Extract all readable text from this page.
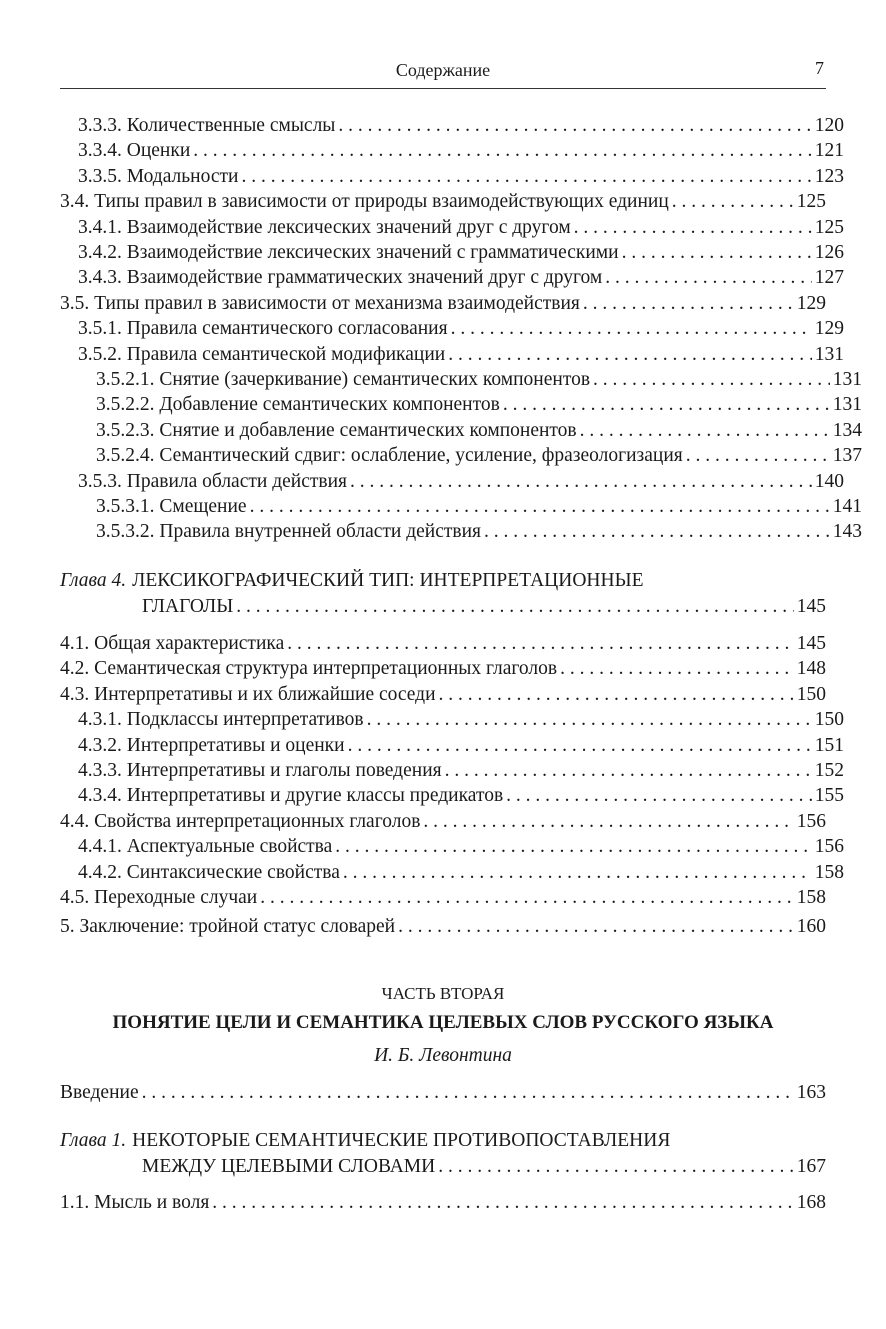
Содержание	7
3.3.3. Количественные смыслы . . .	120
3.3.4. Оценки . . .	121
3.3.5. Модальности . . .	123
3.4. Типы правил в зависимости от природы взаимодействующих единиц . . .	125
3.4.1. Взаимодействие лексических значений друг с другом . . .	125
3.4.2. Взаимодействие лексических значений с грамматическими . . .	126
3.4.3. Взаимодействие грамматических значений друг с другом . . .	127
3.5. Типы правил в зависимости от механизма взаимодействия . . .	129
3.5.1. Правила семантического согласования . . .	129
3.5.2. Правила семантической модификации . . .	131
3.5.2.1. Снятие (зачеркивание) семантических компонентов . . .	131
3.5.2.2. Добавление семантических компонентов . . .	131
3.5.2.3. Снятие и добавление семантических компонентов . . .	134
3.5.2.4. Семантический сдвиг: ослабление, усиление, фразеологизация . . .	137
3.5.3. Правила области действия . . .	140
3.5.3.1. Смещение . . .	141
3.5.3.2. Правила внутренней области действия . . .	143
Глава 4. ЛЕКСИКОГРАФИЧЕСКИЙ ТИП: ИНТЕРПРЕТАЦИОННЫЕ
ГЛАГОЛЫ . . .	145
4.1. Общая характеристика . . .	145
4.2. Семантическая структура интерпретационных глаголов . . .	148
4.3. Интерпретативы и их ближайшие соседи . . .	150
4.3.1. Подклассы интерпретативов . . .	150
4.3.2. Интерпретативы и оценки . . .	151
4.3.3. Интерпретативы и глаголы поведения . . .	152
4.3.4. Интерпретативы и другие классы предикатов . . .	155
4.4. Свойства интерпретационных глаголов . . .	156
4.4.1. Аспектуальные свойства . . .	156
4.4.2. Синтаксические свойства . . .	158
4.5. Переходные случаи . . .	158
5. Заключение: тройной статус словарей . . .	160
ЧАСТЬ ВТОРАЯ
ПОНЯТИЕ ЦЕЛИ И СЕМАНТИКА ЦЕЛЕВЫХ СЛОВ РУССКОГО ЯЗЫКА
И. Б. Левонтина
Введение . . .	163
Глава 1. НЕКОТОРЫЕ СЕМАНТИЧЕСКИЕ ПРОТИВОПОСТАВЛЕНИЯ
МЕЖДУ ЦЕЛЕВЫМИ СЛОВАМИ . . .	167
1.1. Мысль и воля . . .	168
